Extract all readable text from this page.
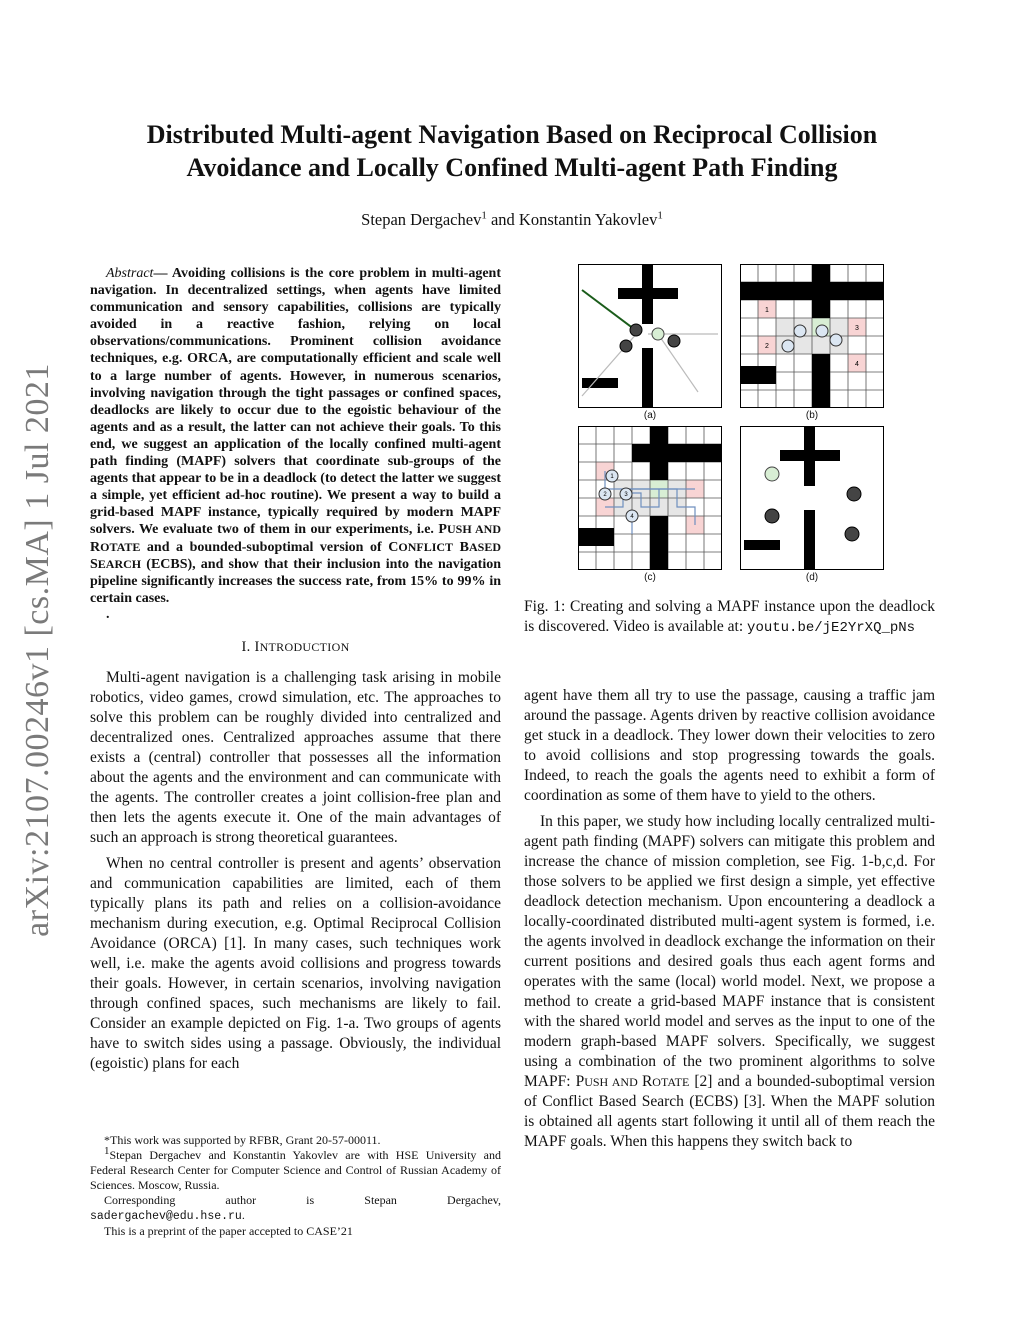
arXiv:2107.00246v1 [cs.MA] 1 Jul 2021
Distributed Multi-agent Navigation Based on Reciprocal Collision
Avoidance and Locally Confined Multi-agent Path Finding
Stepan Dergachev$^1$ and Konstantin Yakovlev$^1$

Abstract— Avoiding collisions is the core problem in multi-agent navigation. In decentralized settings, when agents have limited communication and sensory capabilities, collisions are typically avoided in a reactive fashion, relying on local observations/communications. Prominent collision avoidance techniques, e.g. ORCA, are computationally efficient and scale well to a large number of agents. However, in numerous scenarios, involving navigation through the tight passages or confined spaces, deadlocks are likely to occur due to the egoistic behaviour of the agents and as a result, the latter can not achieve their goals. To this end, we suggest an application of the locally confined multi-agent path finding (MAPF) solvers that coordinate sub-groups of the agents that appear to be in a deadlock (to detect the latter we suggest a simple, yet efficient ad-hoc routine). We present a way to build a grid-based MAPF instance, typically required by modern MAPF solvers. We evaluate two of them in our experiments, i.e. PUSH AND ROTATE and a bounded-suboptimal version of CONFLICT BASED SEARCH (ECBS), and show that their inclusion into the navigation pipeline significantly increases the success rate, from 15% to 99% in certain cases.

.
I. INTRODUCTION

Multi-agent navigation is a challenging task arising in mobile robotics, video games, crowd simulation, etc. The approaches to solve this problem can be roughly divided into centralized and decentralized ones. Centralized approaches assume that there exists a (central) controller that possesses all the information about the agents and the environment and can communicate with the agents. The controller creates a joint collision-free plan and then lets the agents execute it. One of the main advantages of such an approach is strong theoretical guarantees.

When no central controller is present and agents’ observation and communication capabilities are limited, each of them typically plans its path and relies on a collision-avoidance mechanism during execution, e.g. Optimal Reciprocal Collision Avoidance (ORCA) [1]. In many cases, such techniques work well, i.e. make the agents avoid collisions and progress towards their goals. However, in certain scenarios, involving navigation through confined spaces, such mechanisms are likely to fail. Consider an example depicted on Fig. 1-a. Two groups of agents have to switch sides using a passage. Obviously, the individual (egoistic) plans for each

*This work was supported by RFBR, Grant 20-57-00011.

$^1$Stepan Dergachev and Konstantin Yakovlev are with HSE University and Federal Research Center for Computer Science and Control of Russian Academy of Sciences. Moscow, Russia.

Corresponding author is Stepan Dergachev,

sadergachev@edu.hse.ru.

This is a preprint of the paper accepted to CASE’21

(a)
1
2
3
4
(b)
1
2	3
4
(c)	(d)

Fig. 1: Creating and solving a MAPF instance upon the deadlock is discovered. Video is available at: youtu.be/jE2YrXQ_pNs

agent have them all try to use the passage, causing a traffic jam around the passage. Agents driven by reactive collision avoidance get stuck in a deadlock. They lower down their velocities to zero to avoid collisions and stop progressing towards the goals. Indeed, to reach the goals the agents need to exhibit a form of coordination as some of them have to yield to the others.

In this paper, we study how including locally centralized multi-agent path finding (MAPF) solvers can mitigate this problem and increase the chance of mission completion, see Fig. 1-b,c,d. For those solvers to be applied we first design a simple, yet effective deadlock detection mechanism. Upon encountering a deadlock a locally-coordinated distributed multi-agent system is formed, i.e. the agents involved in deadlock exchange the information on their current positions and desired goals thus each agent forms and operates with the same (local) world model. Next, we propose a method to create a grid-based MAPF instance that is consistent with the shared world model and serves as the input to one of the modern graph-based MAPF solvers. Specifically, we suggest using a combination of the two prominent algorithms to solve MAPF: PUSH AND ROTATE [2] and a bounded-suboptimal version of Conflict Based Search (ECBS) [3]. When the MAPF solution is obtained all agents start following it until all of them reach the MAPF goals. When this happens they switch back to
